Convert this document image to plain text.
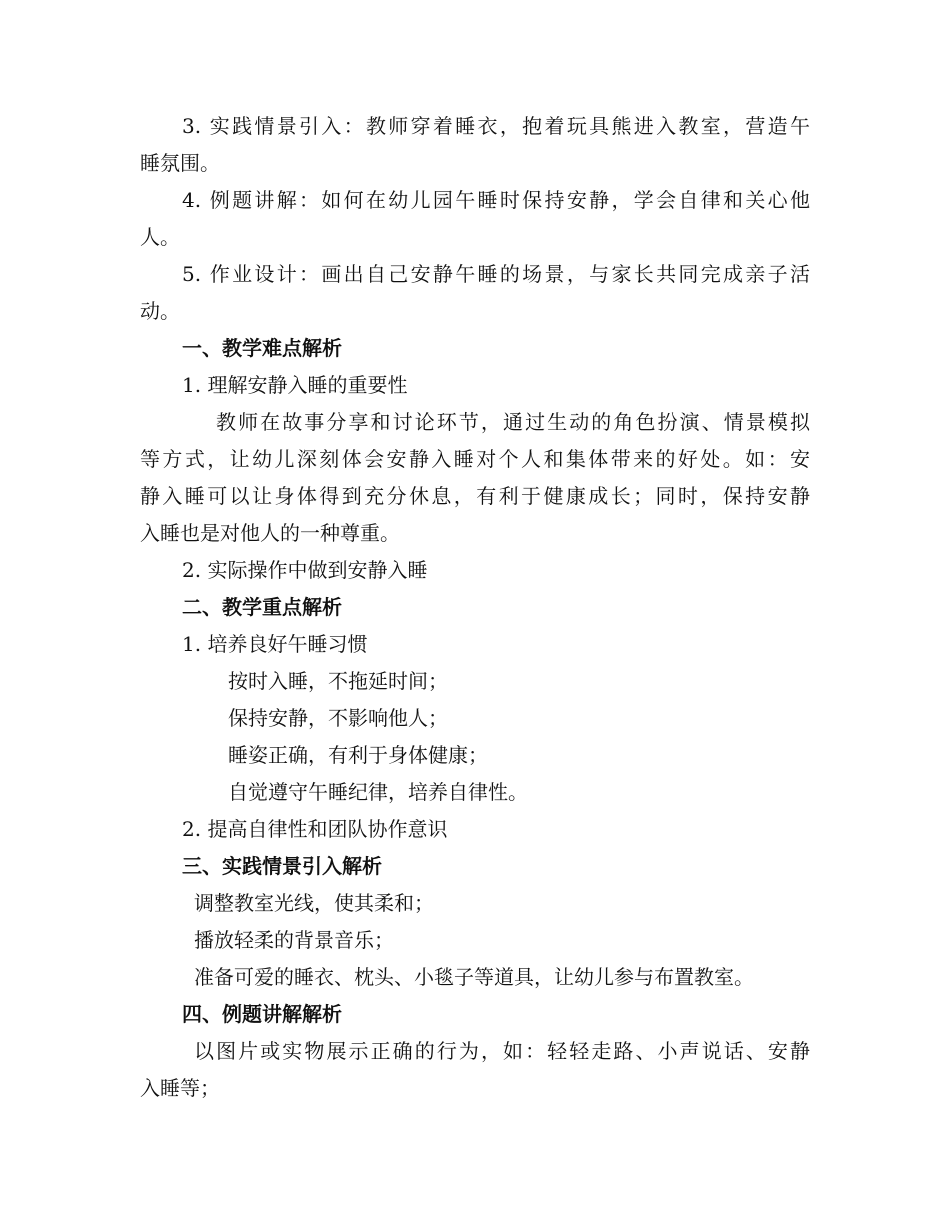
3. 实践情景引入：教师穿着睡衣，抱着玩具熊进入教室，营造午
睡氛围。
4. 例题讲解：如何在幼儿园午睡时保持安静，学会自律和关心他
人。
5. 作业设计：画出自己安静午睡的场景，与家长共同完成亲子活
动。
一、教学难点解析
1. 理解安静入睡的重要性
教师在故事分享和讨论环节，通过生动的角色扮演、情景模拟
等方式，让幼儿深刻体会安静入睡对个人和集体带来的好处。如：安
静入睡可以让身体得到充分休息，有利于健康成长；同时，保持安静
入睡也是对他人的一种尊重。
2. 实际操作中做到安静入睡
二、教学重点解析
1. 培养良好午睡习惯
按时入睡，不拖延时间；
保持安静，不影响他人；
睡姿正确，有利于身体健康；
自觉遵守午睡纪律，培养自律性。
2. 提高自律性和团队协作意识
三、实践情景引入解析
调整教室光线，使其柔和；
播放轻柔的背景音乐；
准备可爱的睡衣、枕头、小毯子等道具，让幼儿参与布置教室。
四、例题讲解解析
以图片或实物展示正确的行为，如：轻轻走路、小声说话、安静
入睡等；
